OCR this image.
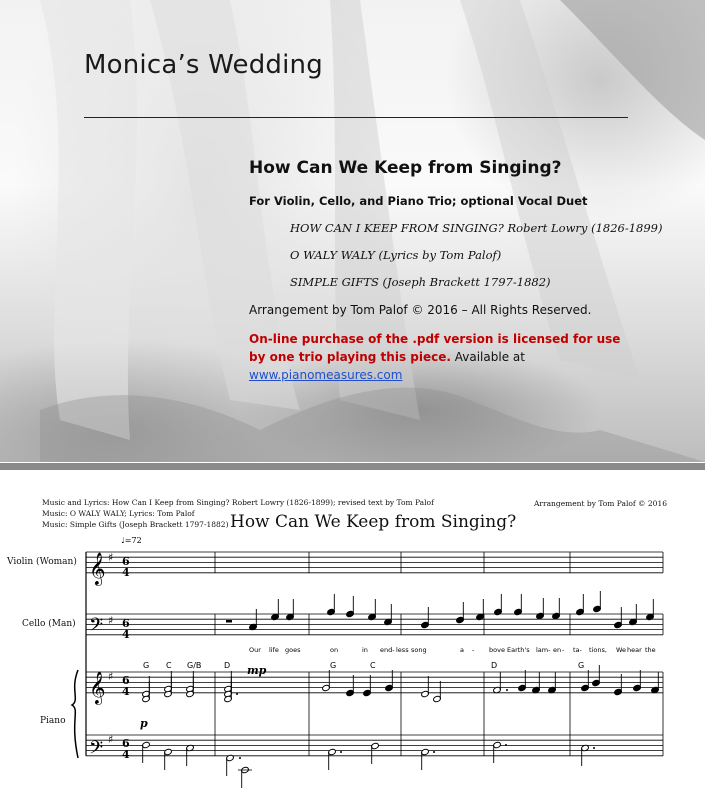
Monica’s Wedding
How Can We Keep from Singing?
For Violin, Cello, and Piano Trio; optional Vocal Duet
HOW CAN I KEEP FROM SINGING? Robert Lowry (1826-1899)
O WALY WALY (Lyrics by Tom Palof)
SIMPLE GIFTS (Joseph Brackett 1797-1882)
Arrangement by Tom Palof © 2016 – All Rights Reserved.
On-line purchase of the .pdf version is licensed for use by one trio playing this piece. Available at www.pianomeasures.com
Music and Lyrics: How Can I Keep from Singing? Robert Lowry (1826-1899); revised text by Tom Palof
Music: O WALY WALY; Lyrics: Tom Palof
Music: Simple Gifts (Joseph Brackett 1797-1882)
Arrangement by Tom Palof © 2016
How Can We Keep from Singing?
Violin (Woman)
Cello (Man)
Piano
♩=72
𝄞
𝄢
𝄞
𝄢
♯
♯
♯
♯
6
4
6
4
6
4
6
4
G C G/B	D	G	C	D	G
mp
p
Our life goes	on	in end- less song	a - bove Earth's lam- en - ta- tions, We hear the
